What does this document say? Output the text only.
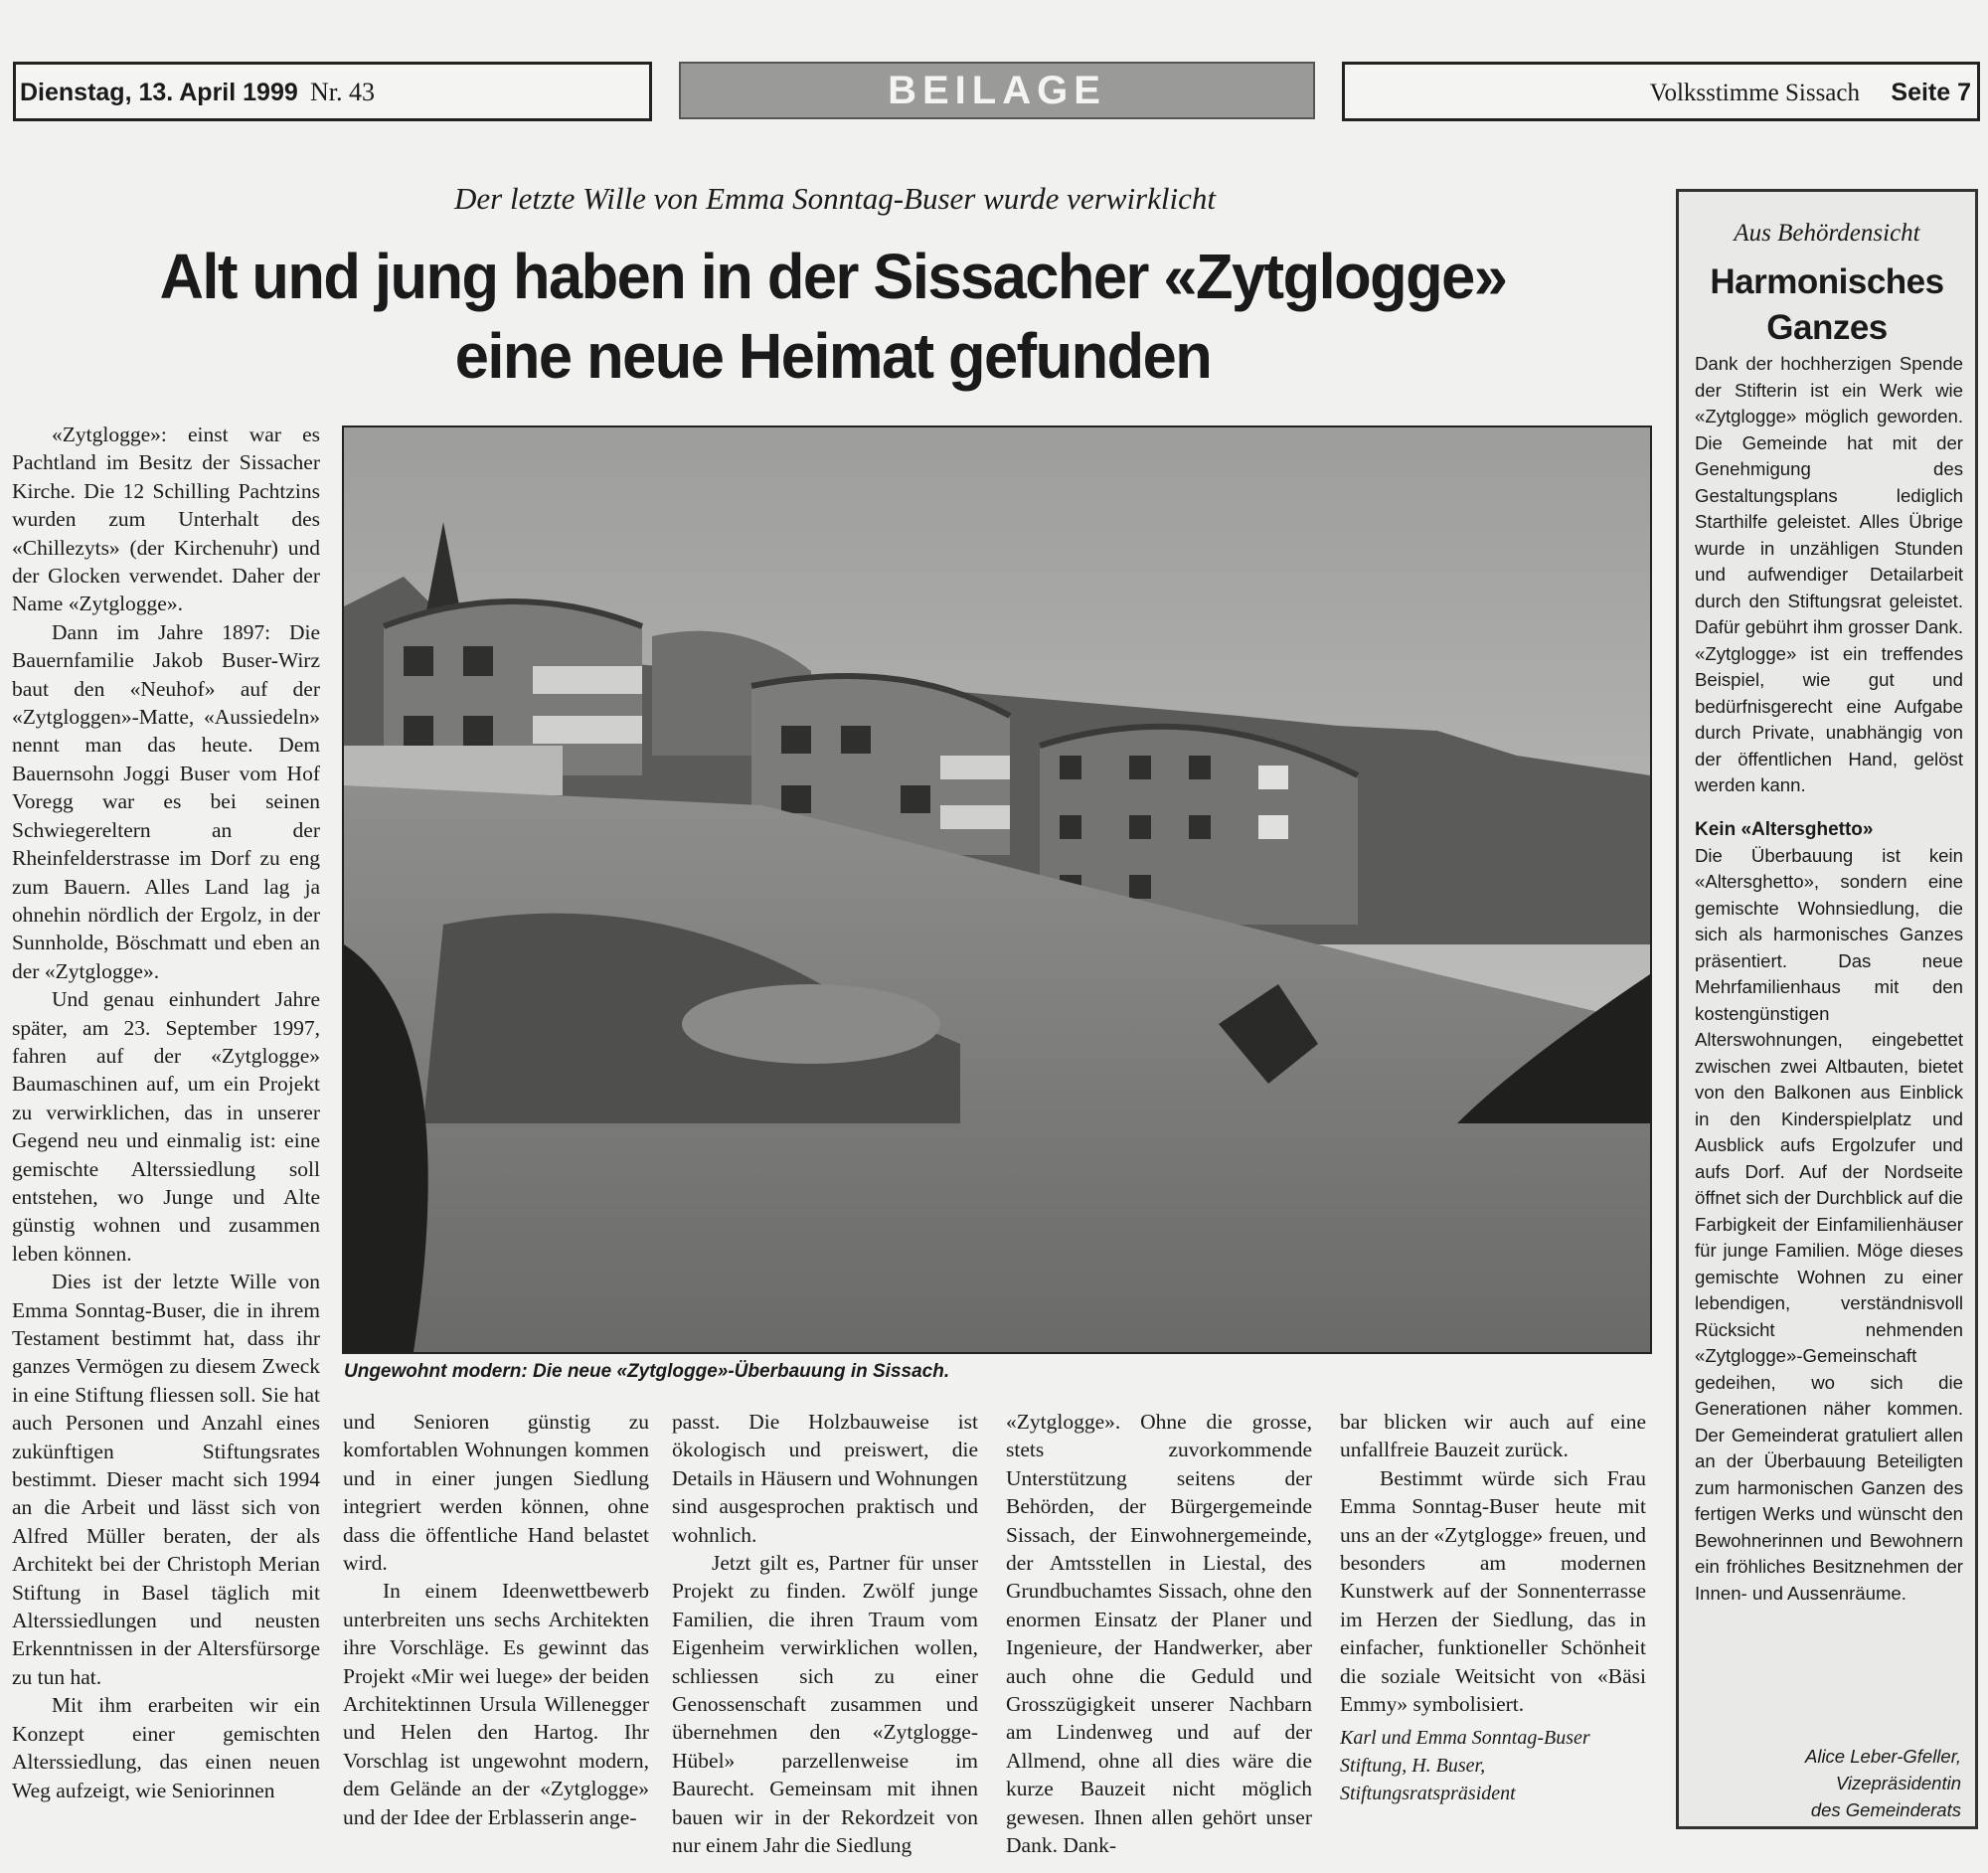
Dienstag, 13. April 1999 Nr. 43	BEILAGE	Volksstimme Sissach Seite 7
Der letzte Wille von Emma Sonntag-Buser wurde verwirklicht
Alt und jung haben in der Sissacher «Zytglogge»
eine neue Heimat gefunden

«Zytglogge»: einst war es Pachtland im Besitz der Sissacher Kirche. Die 12 Schilling Pachtzins wurden zum Unterhalt des «Chillezyts» (der Kirchenuhr) und der Glocken verwendet. Daher der Name «Zytglogge».

Dann im Jahre 1897: Die Bauernfamilie Jakob Buser-Wirz baut den «Neuhof» auf der «Zytgloggen»-Matte, «Aussiedeln» nennt man das heute. Dem Bauernsohn Joggi Buser vom Hof Voregg war es bei seinen Schwiegereltern an der Rheinfelderstrasse im Dorf zu eng zum Bauern. Alles Land lag ja ohnehin nördlich der Ergolz, in der Sunnholde, Böschmatt und eben an der «Zytglogge».

Und genau einhundert Jahre später, am 23. September 1997, fahren auf der «Zytglogge» Baumaschinen auf, um ein Projekt zu verwirklichen, das in unserer Gegend neu und einmalig ist: eine gemischte Alterssiedlung soll entstehen, wo Junge und Alte günstig wohnen und zusammen leben können.

Dies ist der letzte Wille von Emma Sonntag-Buser, die in ihrem Testament bestimmt hat, dass ihr ganzes Vermögen zu diesem Zweck in eine Stiftung fliessen soll. Sie hat auch Personen und Anzahl eines zukünftigen Stiftungsrates bestimmt. Dieser macht sich 1994 an die Arbeit und lässt sich von Alfred Müller beraten, der als Architekt bei der Christoph Merian Stiftung in Basel täglich mit Alterssiedlungen und neusten Erkenntnissen in der Altersfürsorge zu tun hat.

Mit ihm erarbeiten wir ein Konzept einer gemischten Alterssiedlung, das einen neuen Weg aufzeigt, wie Seniorinnen

Ungewohnt modern: Die neue «Zytglogge»-Überbauung in Sissach.

und Senioren günstig zu komfortablen Wohnungen kommen und in einer jungen Siedlung integriert werden können, ohne dass die öffentliche Hand belastet wird.

In einem Ideenwettbewerb unterbreiten uns sechs Architekten ihre Vorschläge. Es gewinnt das Projekt «Mir wei luege» der beiden Architektinnen Ursula Willenegger und Helen den Hartog. Ihr Vorschlag ist ungewohnt modern, dem Gelände an der «Zytglogge» und der Idee der Erblasserin ange-

passt. Die Holzbauweise ist ökologisch und preiswert, die Details in Häusern und Wohnungen sind ausgesprochen praktisch und wohnlich.

Jetzt gilt es, Partner für unser Projekt zu finden. Zwölf junge Familien, die ihren Traum vom Eigenheim verwirklichen wollen, schliessen sich zu einer Genossenschaft zusammen und übernehmen den «Zytglogge-Hübel» parzellenweise im Baurecht. Gemeinsam mit ihnen bauen wir in der Rekordzeit von nur einem Jahr die Siedlung

«Zytglogge». Ohne die grosse, stets zuvorkommende Unterstützung seitens der Behörden, der Bürgergemeinde Sissach, der Einwohnergemeinde, der Amtsstellen in Liestal, des Grundbuchamtes Sissach, ohne den enormen Einsatz der Planer und Ingenieure, der Handwerker, aber auch ohne die Geduld und Grosszügigkeit unserer Nachbarn am Lindenweg und auf der Allmend, ohne all dies wäre die kurze Bauzeit nicht möglich gewesen. Ihnen allen gehört unser Dank. Dank-

bar blicken wir auch auf eine unfallfreie Bauzeit zurück.

Bestimmt würde sich Frau Emma Sonntag-Buser heute mit uns an der «Zytglogge» freuen, und besonders am modernen Kunstwerk auf der Sonnenterrasse im Herzen der Siedlung, das in einfacher, funktioneller Schönheit die soziale Weitsicht von «Bäsi Emmy» symbolisiert.

Karl und Emma Sonntag-Buser Stiftung, H. Buser, Stiftungsratspräsident
Aus Behördensicht
Harmonisches Ganzes

Dank der hochherzigen Spende der Stifterin ist ein Werk wie «Zytglogge» möglich geworden. Die Gemeinde hat mit der Genehmigung des Gestaltungsplans lediglich Starthilfe geleistet. Alles Übrige wurde in unzähligen Stunden und aufwendiger Detailarbeit durch den Stiftungsrat geleistet. Dafür gebührt ihm grosser Dank. «Zytglogge» ist ein treffendes Beispiel, wie gut und bedürfnisgerecht eine Aufgabe durch Private, unabhängig von der öffentlichen Hand, gelöst werden kann.

Kein «Altersghetto»

Die Überbauung ist kein «Altersghetto», sondern eine gemischte Wohnsiedlung, die sich als harmonisches Ganzes präsentiert. Das neue Mehrfamilienhaus mit den kostengünstigen Alterswohnungen, eingebettet zwischen zwei Altbauten, bietet von den Balkonen aus Einblick in den Kinderspielplatz und Ausblick aufs Ergolzufer und aufs Dorf. Auf der Nordseite öffnet sich der Durchblick auf die Farbigkeit der Einfamilienhäuser für junge Familien. Möge dieses gemischte Wohnen zu einer lebendigen, verständnisvoll Rücksicht nehmenden «Zytglogge»-Gemeinschaft gedeihen, wo sich die Generationen näher kommen. Der Gemeinderat gratuliert allen an der Überbauung Beteiligten zum harmonischen Ganzen des fertigen Werks und wünscht den Bewohnerinnen und Bewohnern ein fröhliches Besitznehmen der Innen- und Aussenräume.

Alice Leber-Gfeller,
Vizepräsidentin
des Gemeinderats
